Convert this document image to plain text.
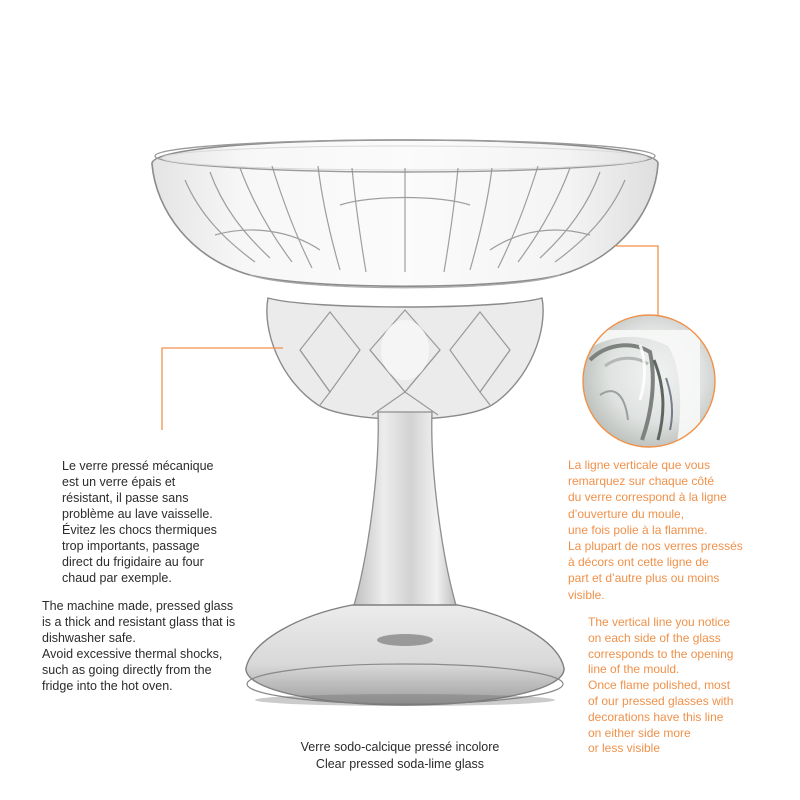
Le verre pressé mécanique
est un verre épais et
résistant, il passe sans
problème au lave vaisselle.
Évitez les chocs thermiques
trop importants, passage
direct du frigidaire au four
chaud par exemple.

The machine made, pressed glass
is a thick and resistant glass that is
dishwasher safe.
Avoid excessive thermal shocks,
such as going directly from the
fridge into the hot oven.

La ligne verticale que vous
remarquez sur chaque côté
du verre correspond à la ligne
d’ouverture du moule,
une fois polie à la flamme.
La plupart de nos verres pressés
à décors ont cette ligne de
part et d’autre plus ou moins
visible.

The vertical line you notice
on each side of the glass
corresponds to the opening
line of the mould.
Once flame polished, most
of our pressed glasses with
decorations have this line
on either side more
or less visible

Verre sodo-calcique pressé incolore

Clear pressed soda-lime glass
